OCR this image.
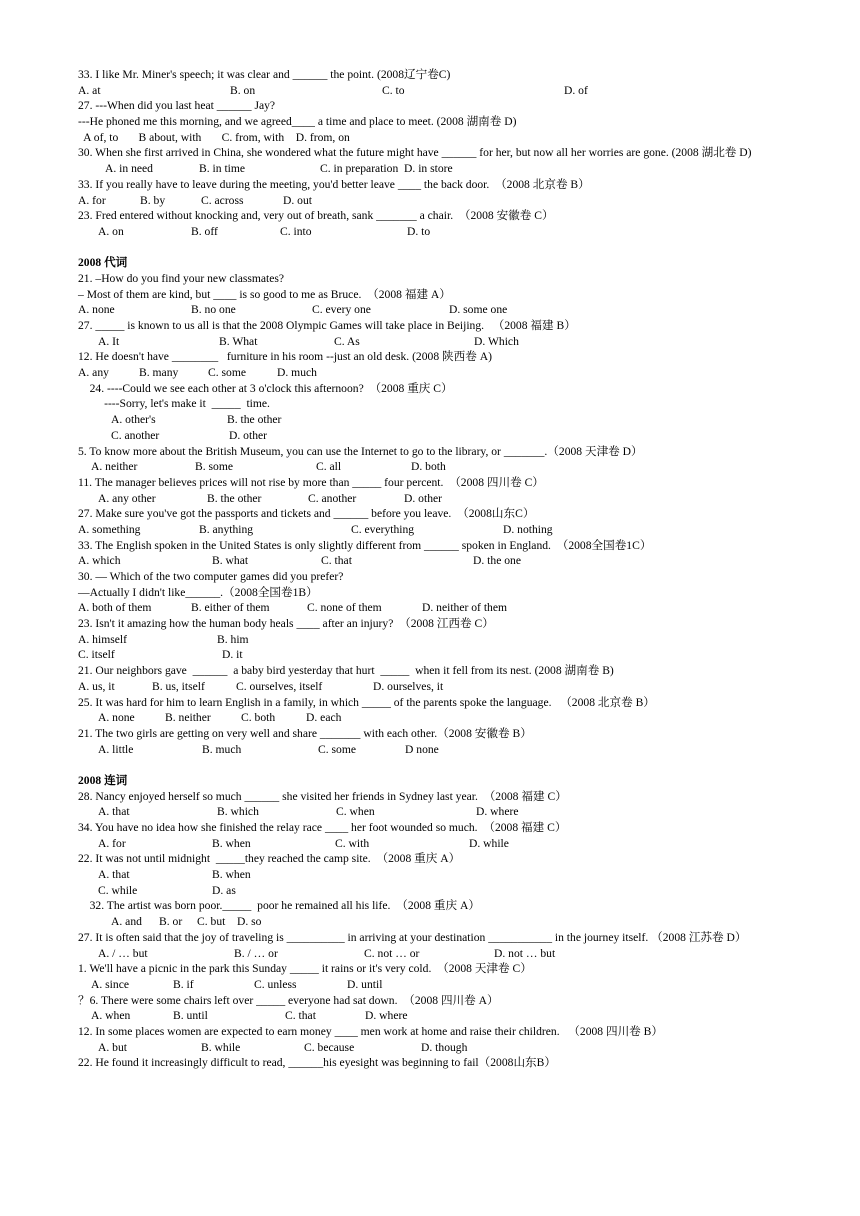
33. I like Mr. Miner's speech; it was clear and ______ the point. (2008辽宁卷C)
A. at	B. on	C. to	D. of
27. ---When did you last heat ______ Jay?
---He phoned me this morning, and we agreed____ a time and place to meet. (2008 湖南卷 D)
A of, to       B about, with       C. from, with    D. from, on
30. When she first arrived in China, she wondered what the future might have ______ for her, but now all her worries are gone. (2008 湖北卷 D)
A. in need	B. in time	C. in preparation  D. in store
33. If you really have to leave during the meeting, you'd better leave ____ the back door.  （2008 北京卷 B）
A. for	B. by	C. across	D. out
23. Fred entered without knocking and, very out of breath, sank _______ a chair.  （2008 安徽卷 C）
A. on	B. off	C. into	D. to
2008 代词
21. –How do you find your new classmates?
– Most of them are kind, but ____ is so good to me as Bruce.  （2008 福建 A）
A. none	B. no one	C. every one	D. some one
27. _____ is known to us all is that the 2008 Olympic Games will take place in Beijing.   （2008 福建 B）
A. It	B. What	C. As	D. Which
12. He doesn't have ________   furniture in his room --just an old desk. (2008 陕西卷 A)
A. any	B. many	C. some	D. much
24. ----Could we see each other at 3 o'clock this afternoon?  （2008 重庆 C）
----Sorry, let's make it  _____  time.
A. other's	B. the other
C. another	D. other
5. To know more about the British Museum, you can use the Internet to go to the library, or _______.（2008 天津卷 D）
A. neither	B. some	C. all	D. both
11. The manager believes prices will not rise by more than _____ four percent.  （2008 四川卷 C）
A. any other	B. the other	C. another	D. other
27. Make sure you've got the passports and tickets and ______ before you leave.  （2008山东C）
A. something	B. anything	C. everything	D. nothing
33. The English spoken in the United States is only slightly different from ______ spoken in England.  （2008全国卷1C）
A. which	B. what	C. that	D. the one
30. — Which of the two computer games did you prefer?
—Actually I didn't like______.（2008全国卷1B）
A. both of them	B. either of them	C. none of them	D. neither of them
23. Isn't it amazing how the human body heals ____ after an injury?  （2008 江西卷 C）
A. himself	B. him
C. itself	D. it
21. Our neighbors gave  ______  a baby bird yesterday that hurt  _____  when it fell from its nest. (2008 湖南卷 B)
A. us, it	B. us, itself	C. ourselves, itself	D. ourselves, it
25. It was hard for him to learn English in a family, in which _____ of the parents spoke the language.   （2008 北京卷 B）
A. none	B. neither	C. both	D. each
21. The two girls are getting on very well and share _______ with each other.（2008 安徽卷 B）
A. little	B. much	C. some	D none
2008 连词
28. Nancy enjoyed herself so much ______ she visited her friends in Sydney last year.  （2008 福建 C）
A. that	B. which	C. when	D. where
34. You have no idea how she finished the relay race ____ her foot wounded so much.  （2008 福建 C）
A. for	B. when	C. with	D. while
22. It was not until midnight  _____they reached the camp site.  （2008 重庆 A）
A. that	B. when
C. while	D. as
32. The artist was born poor._____  poor he remained all his life.  （2008 重庆 A）
A. and B. or C. but D. so
27. It is often said that the joy of traveling is __________ in arriving at your destination ___________ in the journey itself. （2008 江苏卷 D）
A. / … but	B. / … or	C. not … or	D. not … but
1. We'll have a picnic in the park this Sunday _____ it rains or it's very cold.  （2008 天津卷 C）
A. since	B. if	C. unless	D. until
？6. There were some chairs left over _____ everyone had sat down.  （2008 四川卷 A）
A. when	B. until	C. that	D. where
12. In some places women are expected to earn money ____ men work at home and raise their children.   （2008 四川卷 B）
A. but	B. while	C. because	D. though
22. He found it increasingly difficult to read, ______his eyesight was beginning to fail（2008山东B）
